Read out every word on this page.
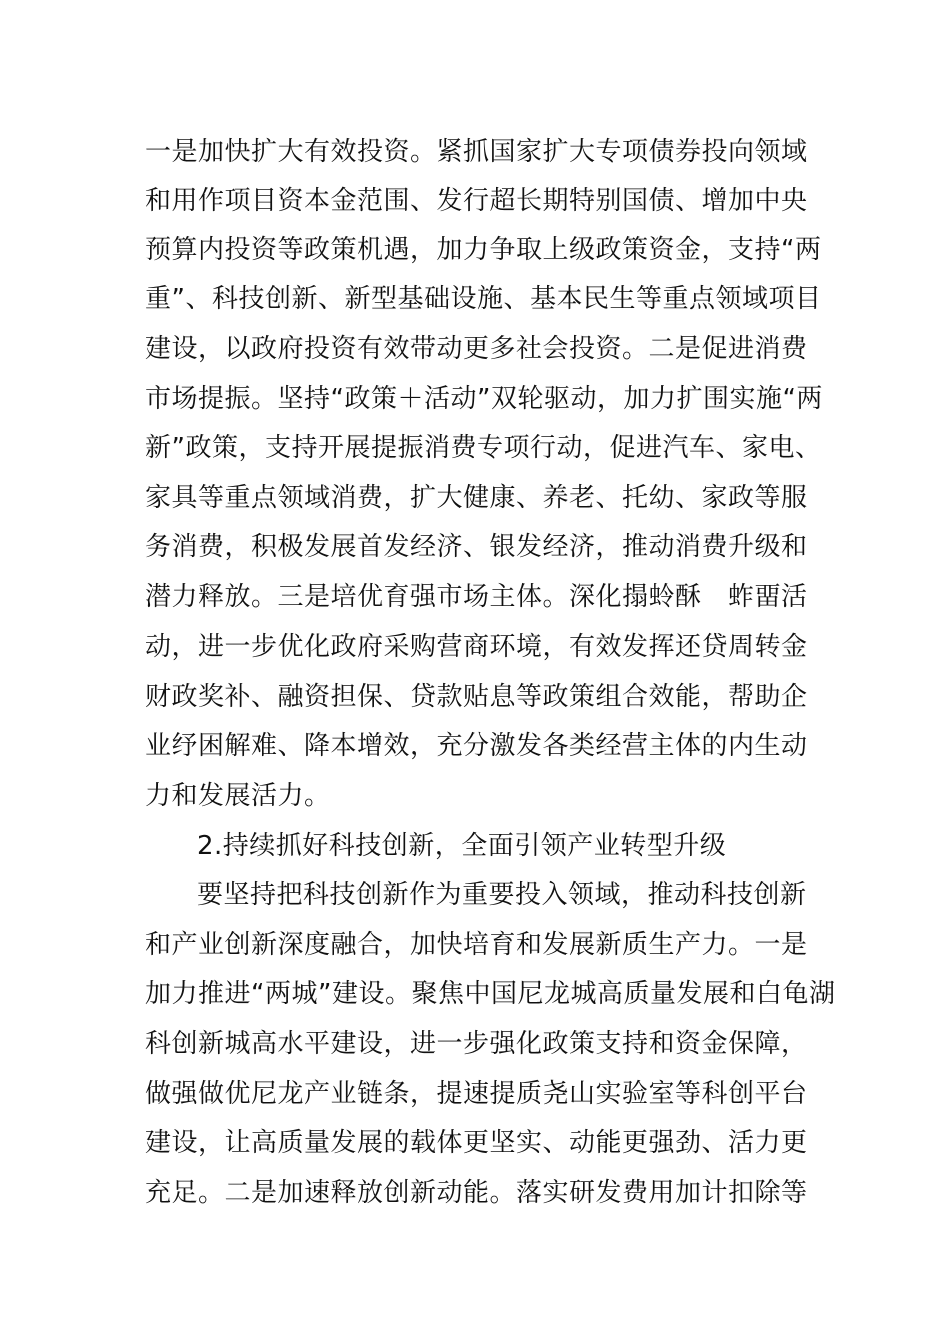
一是加快扩大有效投资。紧抓国家扩大专项债券投向领域
和用作项目资本金范围、发行超长期特别国债、增加中央
预算内投资等政策机遇，加力争取上级政策资金，支持“两
重”、科技创新、新型基础设施、基本民生等重点领域项目
建设，以政府投资有效带动更多社会投资。二是促进消费
市场提振。坚持“政策＋活动”双轮驱动，加力扩围实施“两
新”政策，支持开展提振消费专项行动，促进汽车、家电、
家具等重点领域消费，扩大健康、养老、托幼、家政等服
务消费，积极发展首发经济、银发经济，推动消费升级和
潜力释放。三是培优育强市场主体。深化搨蛉酥　蚱畱活
动，进一步优化政府采购营商环境，有效发挥还贷周转金
财政奖补、融资担保、贷款贴息等政策组合效能，帮助企
业纾困解难、降本增效，充分激发各类经营主体的内生动
力和发展活力。
2.持续抓好科技创新，全面引领产业转型升级
要坚持把科技创新作为重要投入领域，推动科技创新
和产业创新深度融合，加快培育和发展新质生产力。一是
加力推进“两城”建设。聚焦中国尼龙城高质量发展和白龟湖
科创新城高水平建设，进一步强化政策支持和资金保障，
做强做优尼龙产业链条，提速提质尧山实验室等科创平台
建设，让高质量发展的载体更坚实、动能更强劲、活力更
充足。二是加速释放创新动能。落实研发费用加计扣除等
